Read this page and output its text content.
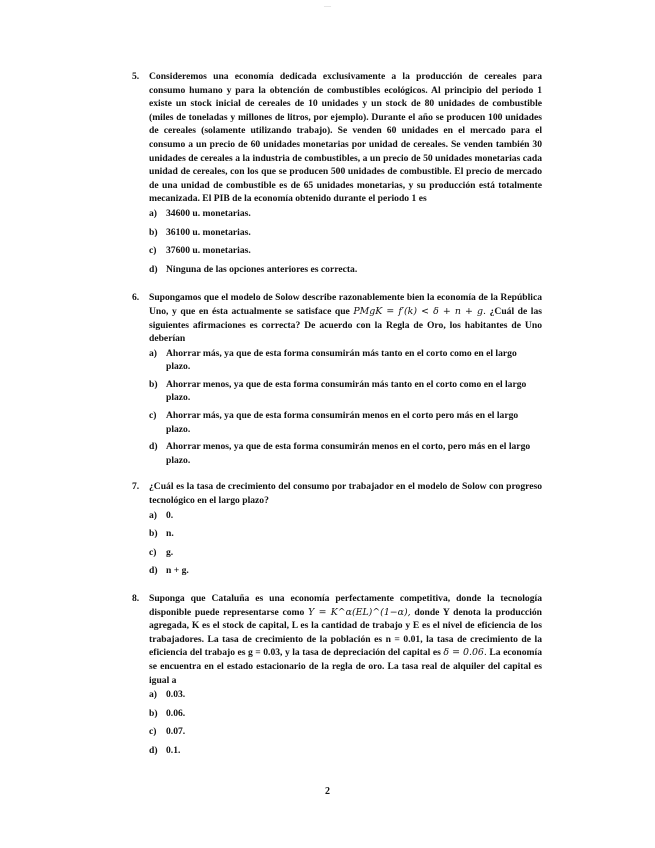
—
5. Consideremos una economía dedicada exclusivamente a la producción de cereales para consumo humano y para la obtención de combustibles ecológicos. Al principio del periodo 1 existe un stock inicial de cereales de 10 unidades y un stock de 80 unidades de combustible (miles de toneladas y millones de litros, por ejemplo). Durante el año se producen 100 unidades de cereales (solamente utilizando trabajo). Se venden 60 unidades en el mercado para el consumo a un precio de 60 unidades monetarias por unidad de cereales. Se venden también 30 unidades de cereales a la industria de combustibles, a un precio de 50 unidades monetarias cada unidad de cereales, con los que se producen 500 unidades de combustible. El precio de mercado de una unidad de combustible es de 65 unidades monetarias, y su producción está totalmente mecanizada. El PIB de la economía obtenido durante el periodo 1 es
a) 34600 u. monetarias.
b) 36100 u. monetarias.
c) 37600 u. monetarias.
d) Ninguna de las opciones anteriores es correcta.
6. Supongamos que el modelo de Solow describe razonablemente bien la economía de la República Uno, y que en ésta actualmente se satisface que PMgK = f′(k) < δ + n + g. ¿Cuál de las siguientes afirmaciones es correcta? De acuerdo con la Regla de Oro, los habitantes de Uno deberían
a) Ahorrar más, ya que de esta forma consumirán más tanto en el corto como en el largo plazo.
b) Ahorrar menos, ya que de esta forma consumirán más tanto en el corto como en el largo plazo.
c) Ahorrar más, ya que de esta forma consumirán menos en el corto pero más en el largo plazo.
d) Ahorrar menos, ya que de esta forma consumirán menos en el corto, pero más en el largo plazo.
7. ¿Cuál es la tasa de crecimiento del consumo por trabajador en el modelo de Solow con progreso tecnológico en el largo plazo?
a) 0.
b) n.
c) g.
d) n + g.
8. Suponga que Cataluña es una economía perfectamente competitiva, donde la tecnología disponible puede representarse como Y = K^α(EL)^(1−α), donde Y denota la producción agregada, K es el stock de capital, L es la cantidad de trabajo y E es el nivel de eficiencia de los trabajadores. La tasa de crecimiento de la población es n = 0.01, la tasa de crecimiento de la eficiencia del trabajo es g = 0.03, y la tasa de depreciación del capital es δ = 0.06. La economía se encuentra en el estado estacionario de la regla de oro. La tasa real de alquiler del capital es igual a
a) 0.03.
b) 0.06.
c) 0.07.
d) 0.1.
2
